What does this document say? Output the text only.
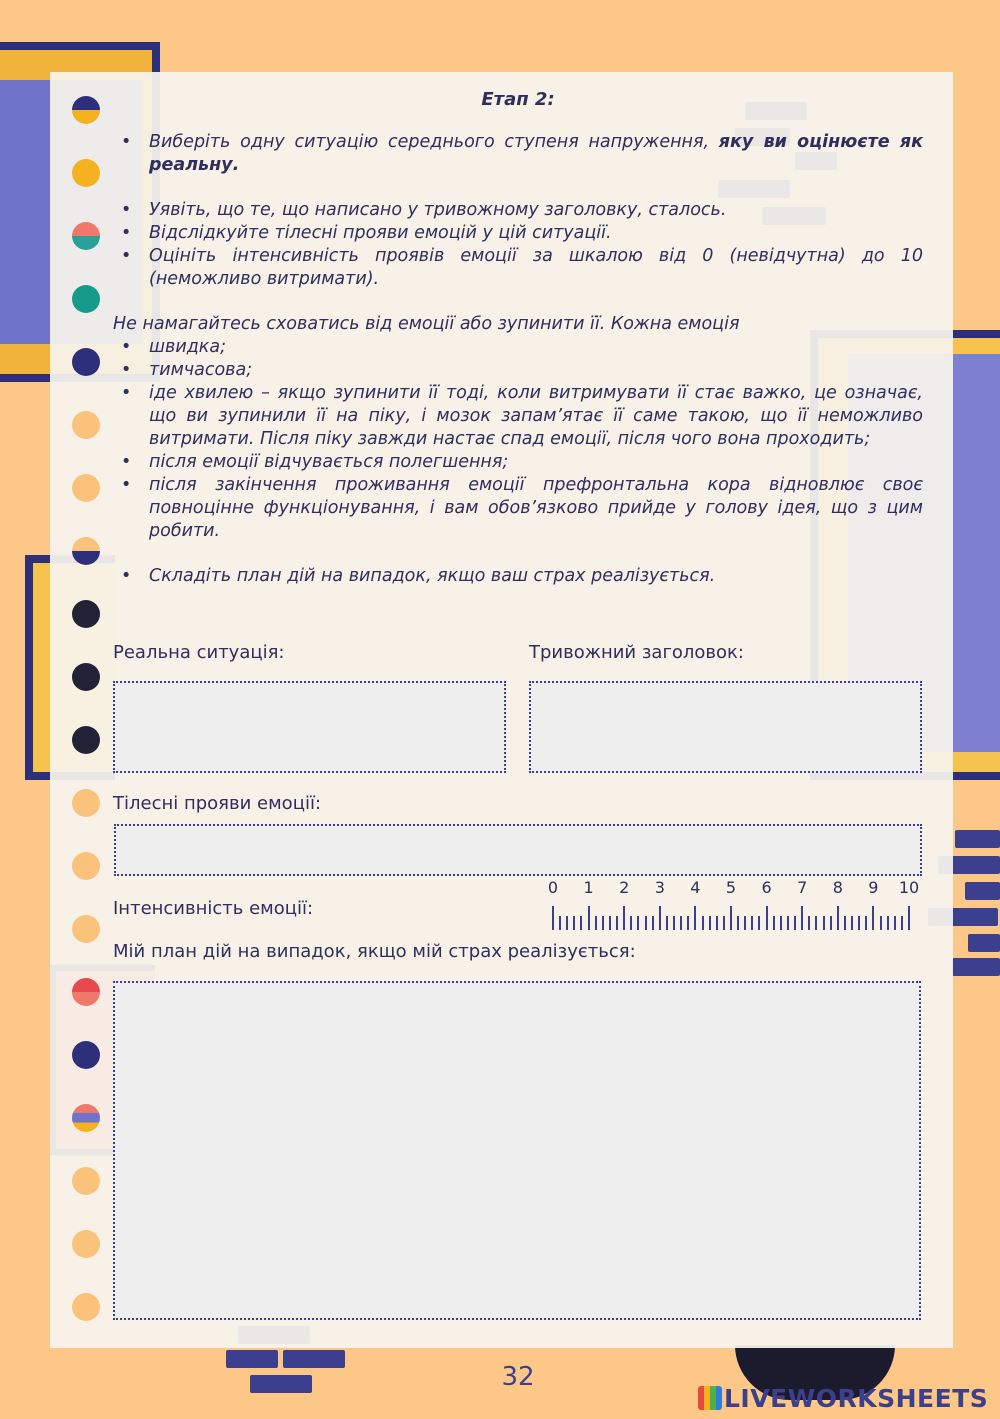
Етап 2:
• Виберіть одну ситуацію середнього ступеня напруження, яку ви оцінюєте як реальну.
• Уявіть, що те, що написано у тривожному заголовку, сталось.
• Відслідкуйте тілесні прояви емоцій у цій ситуації.
• Оцініть інтенсивність проявів емоції за шкалою від 0 (невідчутна) до 10 (неможливо витримати).
Не намагайтесь сховатись від емоції або зупинити її. Кожна емоція
• швидка;
• тимчасова;
• іде хвилею – якщо зупинити її тоді, коли витримувати її стає важко, це означає, що ви зупинили її на піку, і мозок запам’ятає її саме такою, що її неможливо витримати. Після піку завжди настає спад емоції, після чого вона проходить;
• після емоції відчувається полегшення;
• після закінчення проживання емоції префронтальна кора відновлює своє повноцінне функціонування, і вам обов’язково прийде у голову ідея, що з цим робити.
• Складіть план дій на випадок, якщо ваш страх реалізується.
Реальна ситуація:	Тривожний заголовок:
Тілесні прояви емоції:
Інтенсивність емоції:
0 1 2 3 4 5 6 7 8 9 10
Мій план дій на випадок, якщо мій страх реалізується:
32
LIVEWORKSHEETS
